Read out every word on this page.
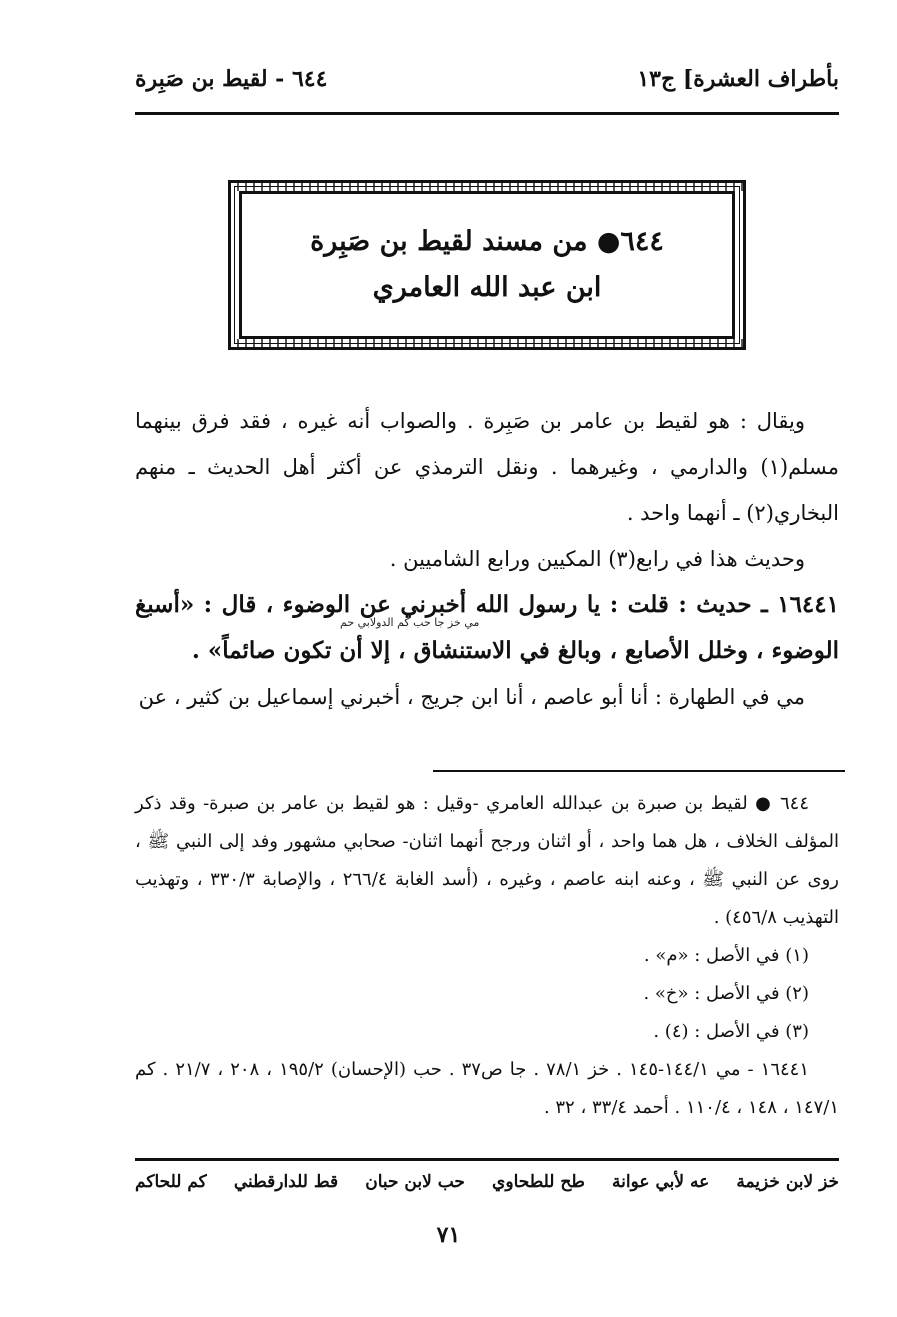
بأطراف العشرة] ج١٣
٦٤٤ - لقيط بن صَبِرة
٦٤٤● من مسند لقيط بن صَبِرة
ابن عبد الله العامري

ويقال : هو لقيط بن عامر بن صَبِرة . والصواب أنه غيره ، فقد فرق بينهما مسلم(١) والدارمي ، وغيرهما . ونقل الترمذي عن أكثر أهل الحديث ـ منهم البخاري(٢) ـ أنهما واحد .

وحديث هذا في رابع(٣) المكيين ورابع الشاميين .

١٦٤٤١ ـ حديث : قلت : يا رسول الله أخبرني عن الوضوء ، قال : «أسبغ الوضوء ، وخلل الأصابع ، وبالغ في الاستنشاق ، إلا أن تكون صائماً» .

مي في الطهارة : أنا أبو عاصم ، أنا ابن جريج ، أخبرني إسماعيل بن كثير ، عن

مي خز جا حب كم الدولابي حم

٦٤٤ ● لقيط بن صبرة بن عبدالله العامري -وقيل : هو لقيط بن عامر بن صبرة- وقد ذكر المؤلف الخلاف ، هل هما واحد ، أو اثنان ورجح أنهما اثنان- صحابي مشهور وفد إلى النبي ﷺ ، روى عن النبي ﷺ ، وعنه ابنه عاصم ، وغيره ، (أسد الغابة ٢٦٦/٤ ، والإصابة ٣٣٠/٣ ، وتهذيب التهذيب ٤٥٦/٨) .

(١) في الأصل : «م» .

(٢) في الأصل : «خ» .

(٣) في الأصل : (٤) .

١٦٤٤١ - مي ١٤٤/١-١٤٥ . خز ٧٨/١ . جا ص٣٧ . حب (الإحسان) ١٩٥/٢ ، ٢٠٨ ، ٢١/٧ . كم ١٤٧/١ ، ١٤٨ ، ١١٠/٤ . أحمد ٣٣/٤ ، ٣٢ .

خز لابن خزيمة
عه لأبي عوانة
طح للطحاوي
حب لابن حبان
قط للدارقطني
كم للحاكم
٧١
